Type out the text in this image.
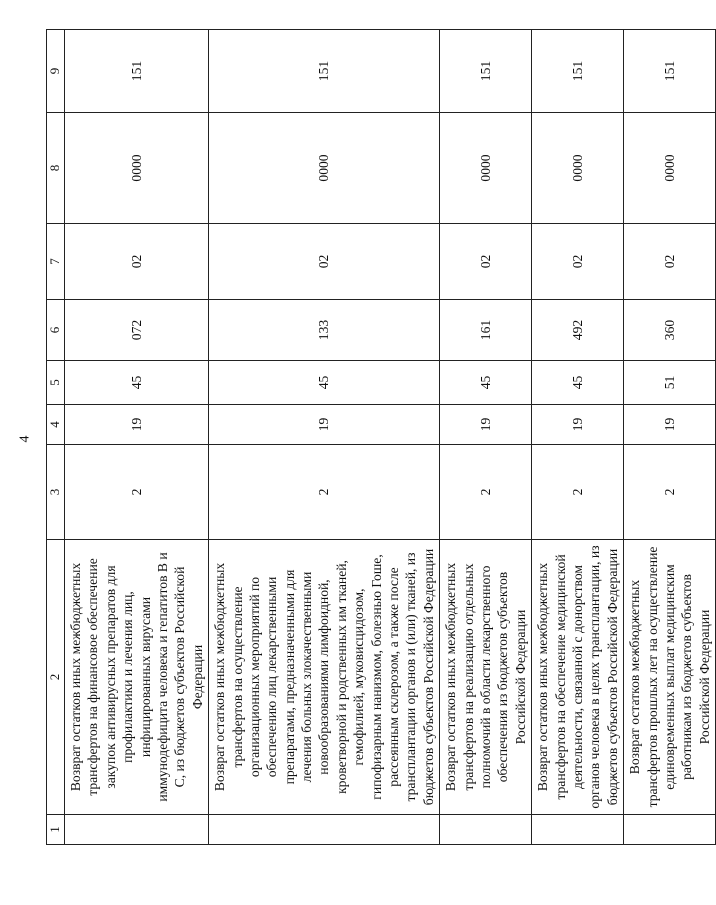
4
1	2	3	4	5	6	7	8	9
	Возврат остатков иных межбюджетных трансфертов на финансовое обеспечение закупок антивирусных препаратов для профилактики и лечения лиц, инфицированных вирусами иммунодефицита человека и гепатитов В и С, из бюджетов субъектов Российской Федерации	2	19	45	072	02	0000	151
	Возврат остатков иных межбюджетных трансфертов на осуществление организационных мероприятий по обеспечению лиц лекарственными препаратами, предназначенными для лечения больных злокачественными новообразованиями лимфоидной, кроветворной и родственных им тканей, гемофилией, муковисцидозом, гипофизарным нанизмом, болезнью Гоше, рассеянным склерозом, а также после трансплантации органов и (или) тканей, из бюджетов субъектов Российской Федерации	2	19	45	133	02	0000	151
	Возврат остатков иных межбюджетных трансфертов на реализацию отдельных полномочий в области лекарственного обеспечения из бюджетов субъектов Российской Федерации	2	19	45	161	02	0000	151
	Возврат остатков иных межбюджетных трансфертов на обеспечение медицинской деятельности, связанной с донорством органов человека в целях трансплантации, из бюджетов субъектов Российской Федерации	2	19	45	492	02	0000	151
	Возврат остатков межбюджетных трансфертов прошлых лет на осуществление единовременных выплат медицинским работникам из бюджетов субъектов Российской Федерации	2	19	51	360	02	0000	151
